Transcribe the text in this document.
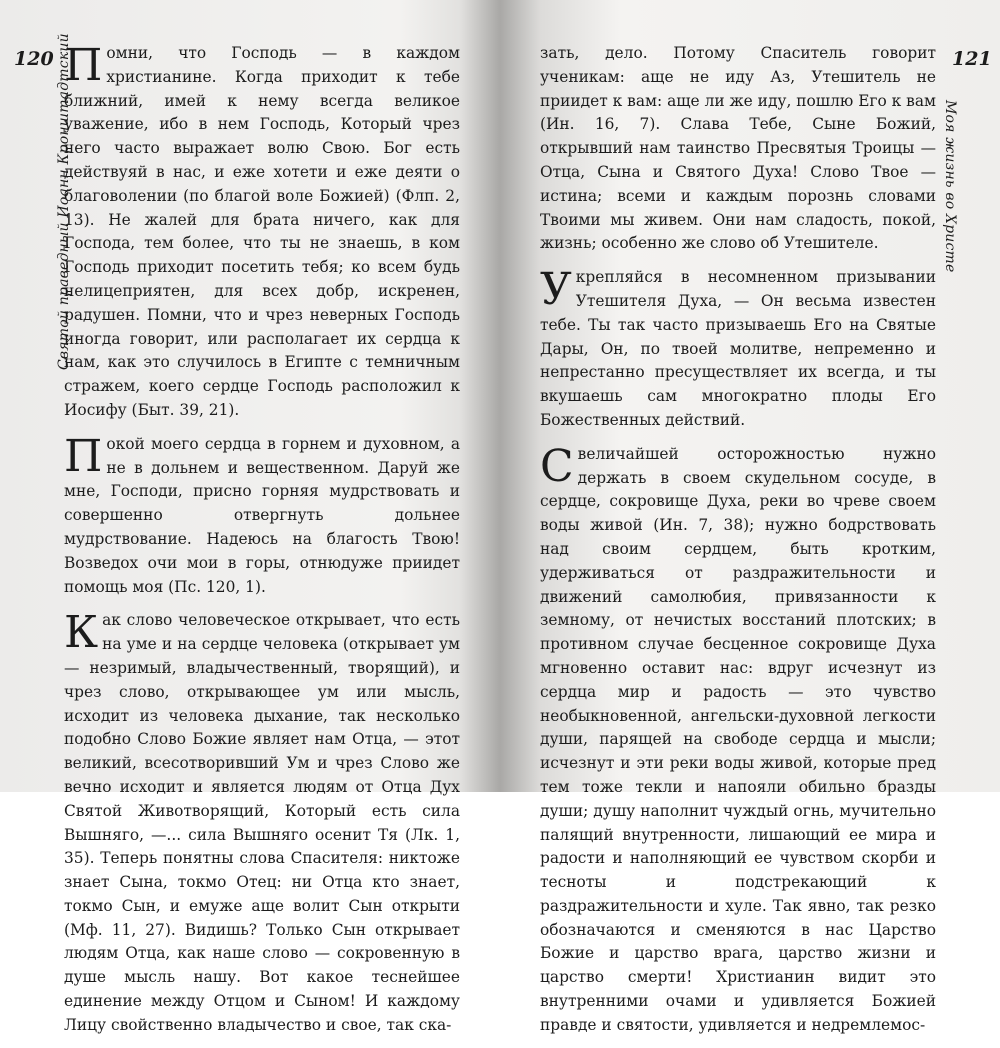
120 Святой праведный Иоанн Кронштадтский

Помни, что Господь — в каждом христианине. Когда приходит к тебе ближний, имей к нему всегда великое уважение, ибо в нем Господь, Который чрез него часто выражает волю Свою. Бог есть действуяй в нас, и еже хотети и еже деяти о благоволении (по благой воле Божией) (Флп. 2, 13). Не жалей для брата ничего, как для Господа, тем более, что ты не знаешь, в ком Господь приходит посетить тебя; ко всем будь нелицеприятен, для всех добр, искренен, радушен. Помни, что и чрез неверных Господь иногда говорит, или располагает их сердца к нам, как это случилось в Египте с темничным стражем, коего сердце Господь расположил к Иосифу (Быт. 39, 21).

Покой моего сердца в горнем и духовном, а не в дольнем и вещественном. Даруй же мне, Господи, присно горняя мудрствовать и совершенно отвергнуть дольнее мудрствование. Надеюсь на благость Твою! Возведох очи мои в горы, отнюдуже приидет помощь моя (Пс. 120, 1).

Как слово человеческое открывает, что есть на уме и на сердце человека (открывает ум — незримый, владычественный, творящий), и чрез слово, открывающее ум или мысль, исходит из человека дыхание, так несколько подобно Слово Божие являет нам Отца, — этот великий, всесотворивший Ум и чрез Слово же вечно исходит и является людям от Отца Дух Святой Животворящий, Который есть сила Вышняго, —... сила Вышняго осенит Тя (Лк. 1, 35). Теперь понятны слова Спасителя: никтоже знает Сына, токмо Отец: ни Отца кто знает, токмо Сын, и емуже аще волит Сын открыти (Мф. 11, 27). Видишь? Только Сын открывает людям Отца, как наше слово — сокровенную в душе мысль нашу. Вот какое теснейшее единение между Отцом и Сыном! И каждому Лицу свойственно владычество и свое, так ска-

121
Моя жизнь во Христе

зать, дело. Потому Спаситель говорит ученикам: аще не иду Аз, Утешитель не приидет к вам: аще ли же иду, пошлю Его к вам (Ин. 16, 7). Слава Тебе, Сыне Божий, открывший нам таинство Пресвятыя Троицы — Отца, Сына и Святого Духа! Слово Твое — истина; всеми и каждым порознь словами Твоими мы живем. Они нам сладость, покой, жизнь; особенно же слово об Утешителе.

Укрепляйся в несомненном призывании Утешителя Духа, — Он весьма известен тебе. Ты так часто призываешь Его на Святые Дары, Он, по твоей молитве, непременно и непрестанно пресуществляет их всегда, и ты вкушаешь сам многократно плоды Его Божественных действий.

Свеличайшей осторожностью нужно держать в своем скудельном сосуде, в сердце, сокровище Духа, реки во чреве своем воды живой (Ин. 7, 38); нужно бодрствовать над своим сердцем, быть кротким, удерживаться от раздражительности и движений самолюбия, привязанности к земному, от нечистых восстаний плотских; в противном случае бесценное сокровище Духа мгновенно оставит нас: вдруг исчезнут из сердца мир и радость — это чувство необыкновенной, ангельски-духовной легкости души, парящей на свободе сердца и мысли; исчезнут и эти реки воды живой, которые пред тем тоже текли и напояли обильно бразды души; душу наполнит чуждый огнь, мучительно палящий внутренности, лишающий ее мира и радости и наполняющий ее чувством скорби и тесноты и подстрекающий к раздражительности и хуле. Так явно, так резко обозначаются и сменяются в нас Царство Божие и царство врага, царство жизни и царство смерти! Христианин видит это внутренними очами и удивляется Божией правде и святости, удивляется и недремлемос-
